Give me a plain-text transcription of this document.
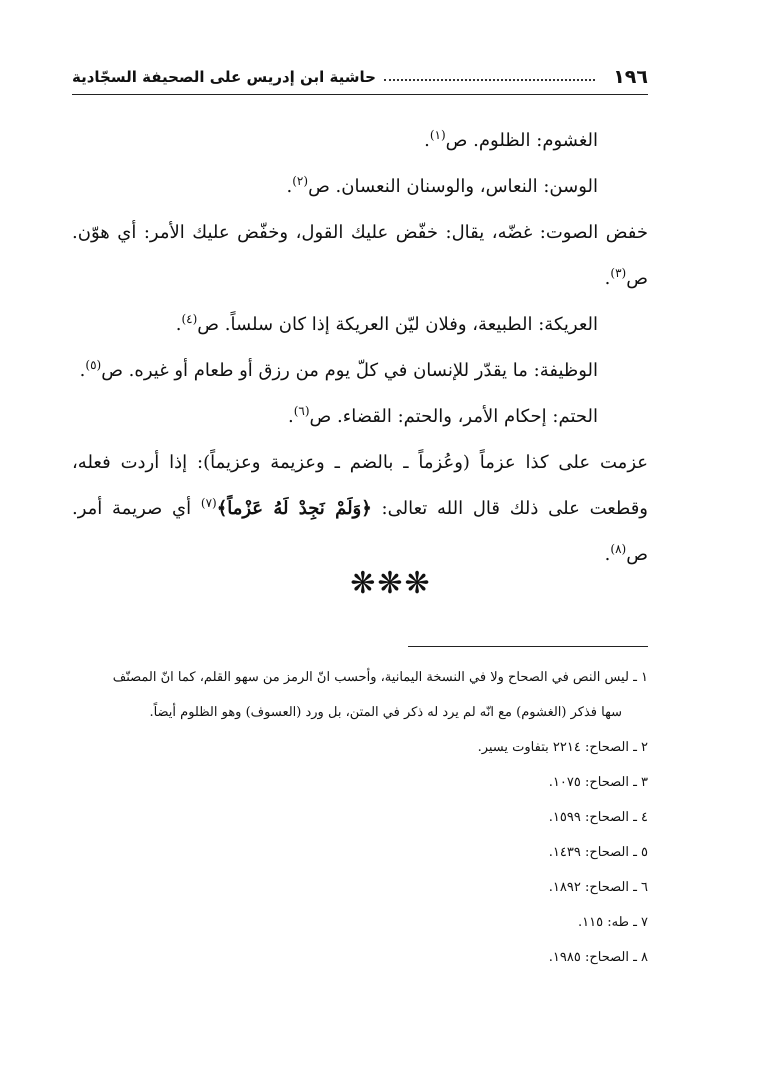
١٩٦
حاشية ابن إدريس على الصحيفة السجّادية
الغشوم: الظلوم. ص$^{(١)}$.
الوسن: النعاس، والوسنان النعسان. ص$^{(٢)}$.
خفض الصوت: غضّه، يقال: خفّض عليك القول، وخفّض عليك الأمر: أي هوّن. ص$^{(٣)}$.
العريكة: الطبيعة، وفلان ليّن العريكة إذا كان سلساً. ص$^{(٤)}$.
الوظيفة: ما يقدّر للإنسان في كلّ يوم من رزق أو طعام أو غيره. ص$^{(٥)}$.
الحتم: إحكام الأمر، والحتم: القضاء. ص$^{(٦)}$.
عزمت على كذا عزماً (وعُزماً ـ بالضم ـ وعزيمة وعزيماً): إذا أردت فعله، وقطعت على ذلك قال الله تعالى: ﴿وَلَمْ نَجِدْ لَهُ عَزْماً﴾$^{(٧)}$ أي صريمة أمر. ص$^{(٨)}$.
❋❋❋
١ ـ ليس النص في الصحاح ولا في النسخة اليمانية، وأحسب انّ الرمز من سهو القلم، كما انّ المصنّف
سها فذكر (الغشوم) مع انّه لم يرد له ذكر في المتن، بل ورد (العسوف) وهو الظلوم أيضاً.
٢ ـ الصحاح: ٢٢١٤ بتفاوت يسير.
٣ ـ الصحاح: ١٠٧٥.
٤ ـ الصحاح: ١٥٩٩.
٥ ـ الصحاح: ١٤٣٩.
٦ ـ الصحاح: ١٨٩٢.
٧ ـ طه: ١١٥.
٨ ـ الصحاح: ١٩٨٥.
